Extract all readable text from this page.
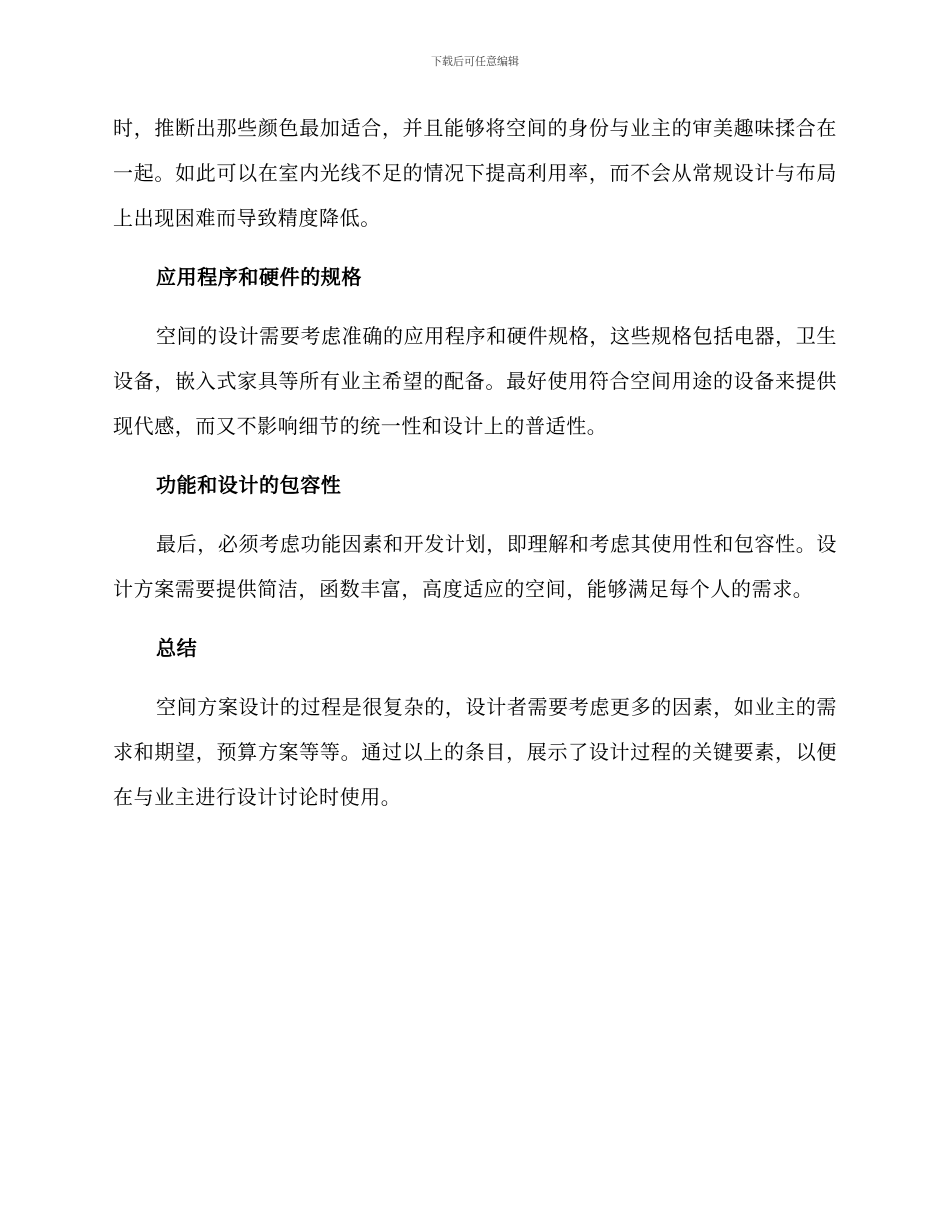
下载后可任意编辑

时，推断出那些颜色最加适合，并且能够将空间的身份与业主的审美趣味揉合在一起。如此可以在室内光线不足的情况下提高利用率，而不会从常规设计与布局上出现困难而导致精度降低。

应用程序和硬件的规格

空间的设计需要考虑准确的应用程序和硬件规格，这些规格包括电器，卫生设备，嵌入式家具等所有业主希望的配备。最好使用符合空间用途的设备来提供现代感，而又不影响细节的统一性和设计上的普适性。

功能和设计的包容性

最后，必须考虑功能因素和开发计划，即理解和考虑其使用性和包容性。设计方案需要提供简洁，函数丰富，高度适应的空间，能够满足每个人的需求。

总结

空间方案设计的过程是很复杂的，设计者需要考虑更多的因素，如业主的需求和期望，预算方案等等。通过以上的条目，展示了设计过程的关键要素，以便在与业主进行设计讨论时使用。
